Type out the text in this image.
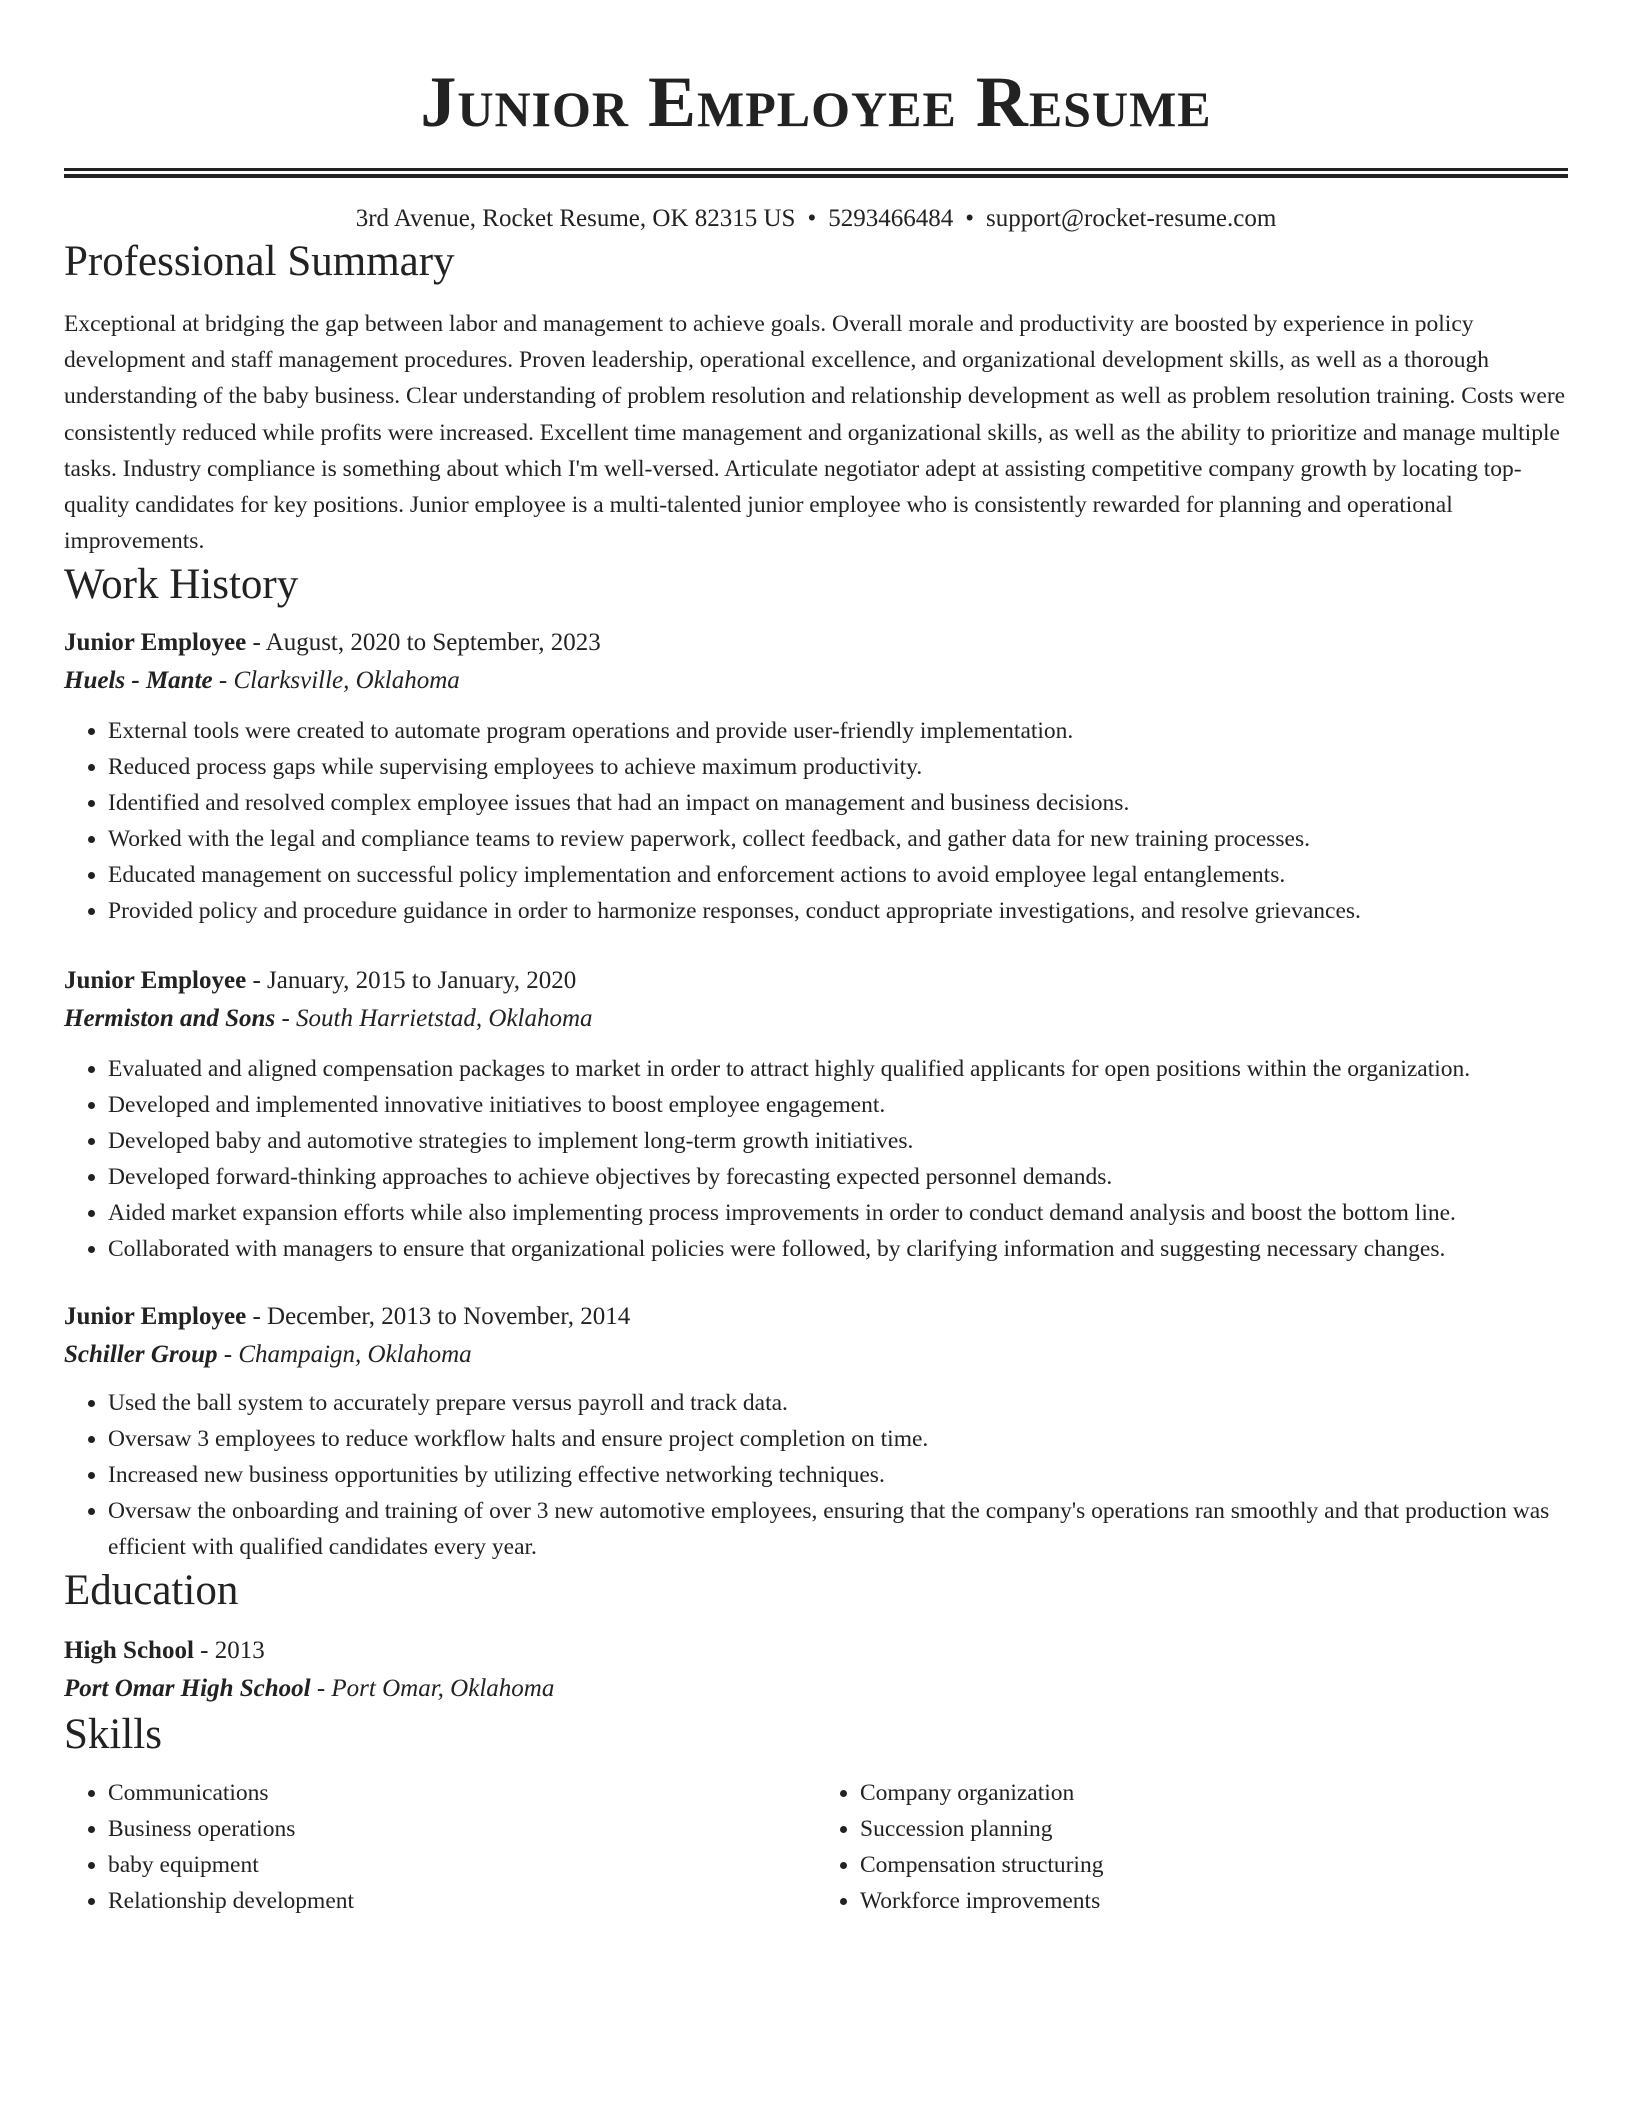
Junior Employee Resume
3rd Avenue, Rocket Resume, OK 82315 US • 5293466484 • support@rocket-resume.com
Professional Summary

Exceptional at bridging the gap between labor and management to achieve goals. Overall morale and productivity are boosted by experience in policy development and staff management procedures. Proven leadership, operational excellence, and organizational development skills, as well as a thorough understanding of the baby business. Clear understanding of problem resolution and relationship development as well as problem resolution training. Costs were consistently reduced while profits were increased. Excellent time management and organizational skills, as well as the ability to prioritize and manage multiple tasks. Industry compliance is something about which I'm well-versed. Articulate negotiator adept at assisting competitive company growth by locating top-quality candidates for key positions. Junior employee is a multi-talented junior employee who is consistently rewarded for planning and operational improvements.

Work History
Junior Employee - August, 2020 to September, 2023
Huels - Mante - Clarksville, Oklahoma
• External tools were created to automate program operations and provide user-friendly implementation.
• Reduced process gaps while supervising employees to achieve maximum productivity.
• Identified and resolved complex employee issues that had an impact on management and business decisions.
• Worked with the legal and compliance teams to review paperwork, collect feedback, and gather data for new training processes.
• Educated management on successful policy implementation and enforcement actions to avoid employee legal entanglements.
• Provided policy and procedure guidance in order to harmonize responses, conduct appropriate investigations, and resolve grievances.
Junior Employee - January, 2015 to January, 2020
Hermiston and Sons - South Harrietstad, Oklahoma
• Evaluated and aligned compensation packages to market in order to attract highly qualified applicants for open positions within the organization.
• Developed and implemented innovative initiatives to boost employee engagement.
• Developed baby and automotive strategies to implement long-term growth initiatives.
• Developed forward-thinking approaches to achieve objectives by forecasting expected personnel demands.
• Aided market expansion efforts while also implementing process improvements in order to conduct demand analysis and boost the bottom line.
• Collaborated with managers to ensure that organizational policies were followed, by clarifying information and suggesting necessary changes.
Junior Employee - December, 2013 to November, 2014
Schiller Group - Champaign, Oklahoma
• Used the ball system to accurately prepare versus payroll and track data.
• Oversaw 3 employees to reduce workflow halts and ensure project completion on time.
• Increased new business opportunities by utilizing effective networking techniques.
• Oversaw the onboarding and training of over 3 new automotive employees, ensuring that the company's operations ran smoothly and that production was efficient with qualified candidates every year.
Education
High School - 2013
Port Omar High School - Port Omar, Oklahoma
Skills
• Communications
• Business operations
• baby equipment
• Relationship development
• Company organization
• Succession planning
• Compensation structuring
• Workforce improvements
